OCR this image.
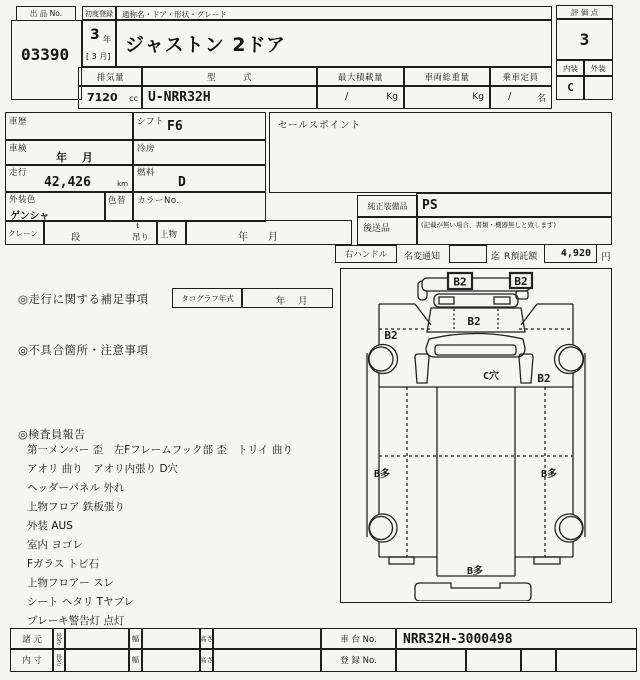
出 品 No.
03390
初度登録
3 年
[ 3 月]
通称名・ドア・形状・グレード
ジャストン 2ドア
評 価 点
3
内装 外装
C
排気量
7120 cc
型　　　式
U-NRR32H
最大積載量
/	Kg
車両総重量
Kg
乗車定員
/	名
車歴	シフト F6
車検
年　 月
冷房
走行
42,426	km
燃料
D
外装色
ゲンシャ
色替 カラーNo.
クレーン	段
t
吊り 上物	年　　月
セールスポイント
純正装備品 PS
後送品	(記載が無い場合、書類・機器無しと致します)
右ハンドル 名変通知	迄 R預託額 4,920 円
◎走行に関する補足事項	タコグラフ年式	年　 月
◎不具合箇所・注意事項
◎検査員報告
第一メンバー 歪　左Fフレームフック部 歪　トリイ 曲り
アオリ 曲り　アオリ内張り D穴
ヘッダーパネル 外れ
上物フロア 鉄板張り
外装 AUS
室内 ヨゴレ
Fガラス トビ石
上物フロアー スレ
シート ヘタリ Tヤブレ
ブレーキ警告灯 点灯
B2	B2
B2
B2
C穴	B2
B多	B多
B多
諸 元	長さ	幅	高さ	車 台 No. NRR32H-3000498
内 寸	長さ	幅	高さ	登 録 No.
